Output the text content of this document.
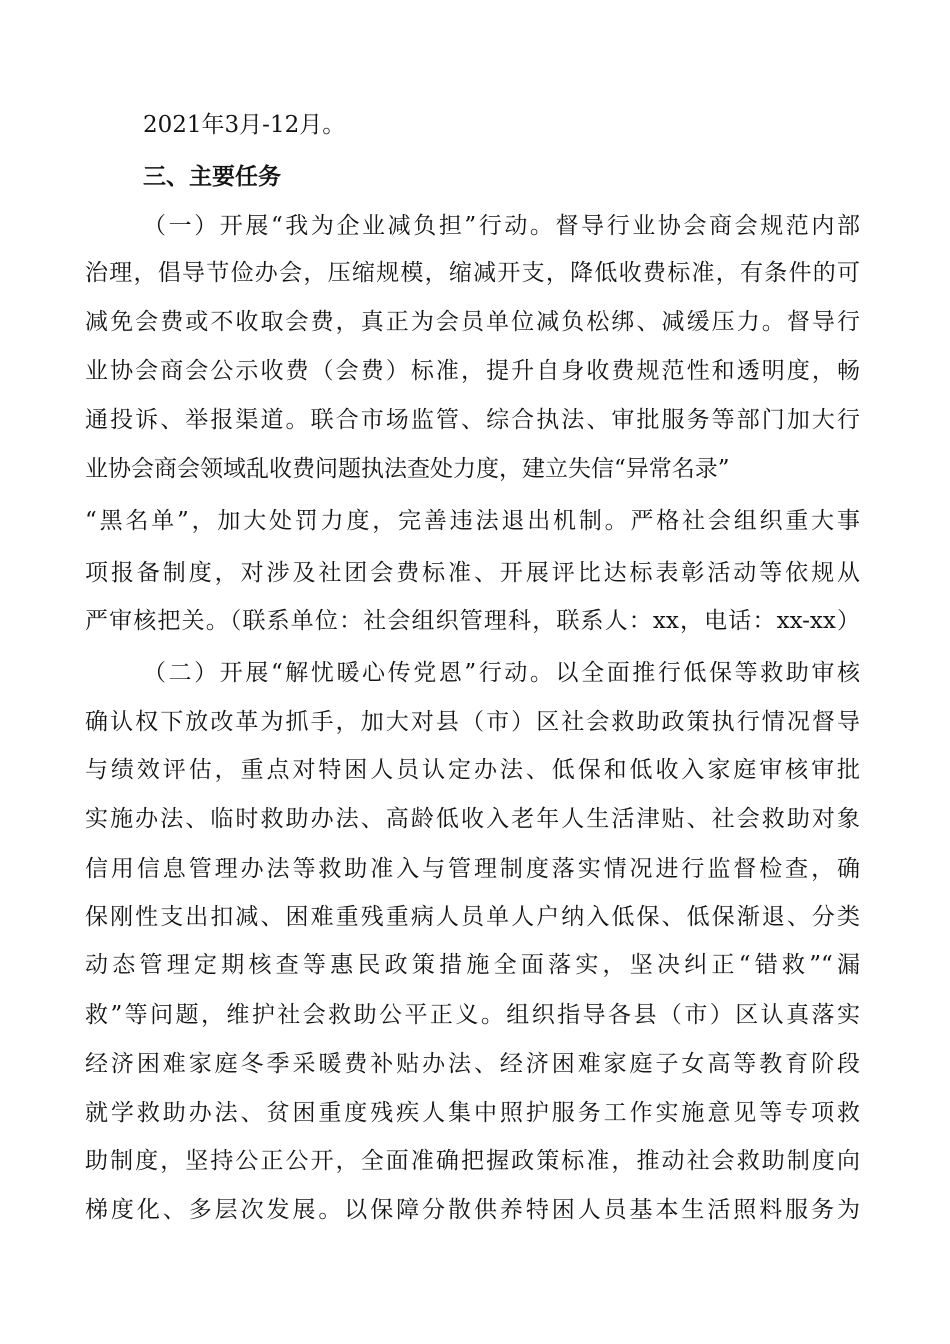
2021年3月-12月。
三、主要任务
（一）开展“我为企业减负担”行动。督导行业协会商会规范内部
治理，倡导节俭办会，压缩规模，缩减开支，降低收费标准，有条件的可
减免会费或不收取会费，真正为会员单位减负松绑、减缓压力。督导行
业协会商会公示收费（会费）标准，提升自身收费规范性和透明度，畅
通投诉、举报渠道。联合市场监管、综合执法、审批服务等部门加大行
业协会商会领域乱收费问题执法查处力度，建立失信“异常名录”
“黑名单”，加大处罚力度，完善违法退出机制。严格社会组织重大事
项报备制度，对涉及社团会费标准、开展评比达标表彰活动等依规从
严审核把关。（联系单位：社会组织管理科，联系人：xx，电话：xx-xx）
（二）开展“解忧暖心传党恩”行动。以全面推行低保等救助审核
确认权下放改革为抓手，加大对县（市）区社会救助政策执行情况督导
与绩效评估，重点对特困人员认定办法、低保和低收入家庭审核审批
实施办法、临时救助办法、高龄低收入老年人生活津贴、社会救助对象
信用信息管理办法等救助准入与管理制度落实情况进行监督检查，确
保刚性支出扣减、困难重残重病人员单人户纳入低保、低保渐退、分类
动态管理定期核查等惠民政策措施全面落实，坚决纠正“错救”“漏
救”等问题，维护社会救助公平正义。组织指导各县（市）区认真落实
经济困难家庭冬季采暖费补贴办法、经济困难家庭子女高等教育阶段
就学救助办法、贫困重度残疾人集中照护服务工作实施意见等专项救
助制度，坚持公正公开，全面准确把握政策标准，推动社会救助制度向
梯度化、多层次发展。以保障分散供养特困人员基本生活照料服务为
